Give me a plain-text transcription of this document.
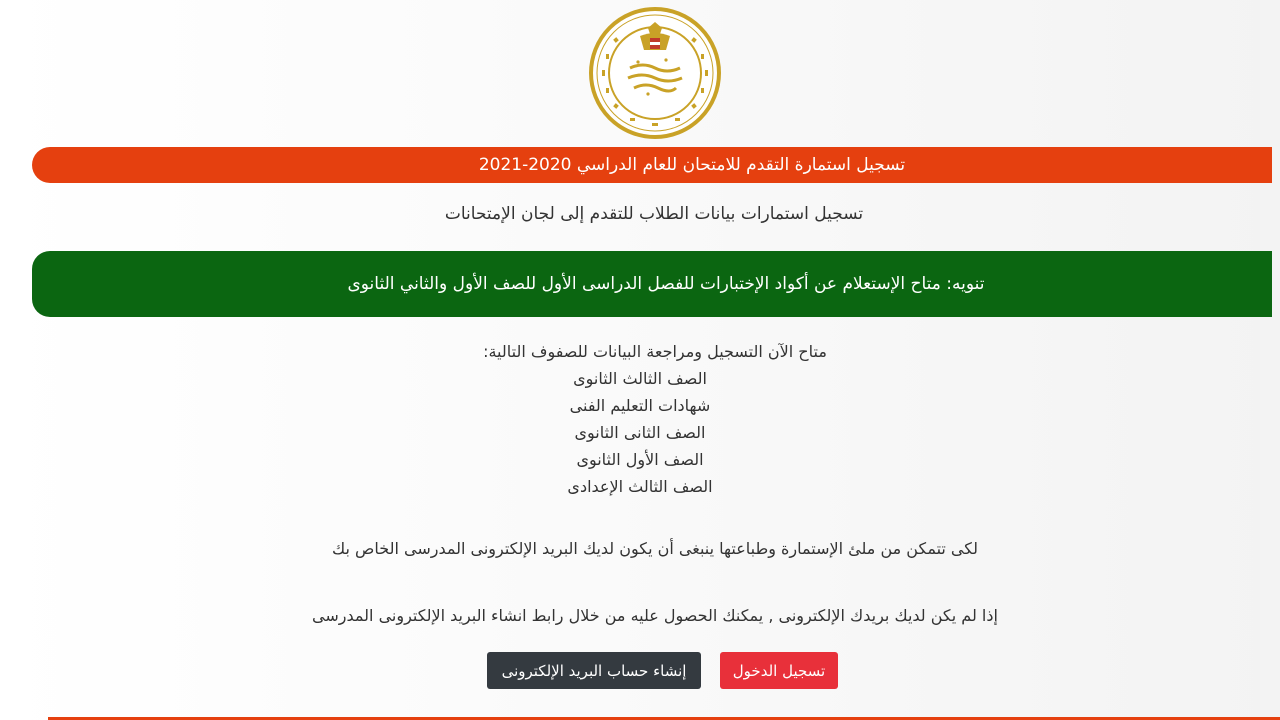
تسجيل استمارة التقدم للامتحان للعام الدراسي 2020-2021
تسجيل استمارات بيانات الطلاب للتقدم إلى لجان الإمتحانات
تنويه: متاح الإستعلام عن أكواد الإختبارات للفصل الدراسى الأول للصف الأول والثاني الثانوى
متاح الآن التسجيل ومراجعة البيانات للصفوف التالية:
الصف الثالث الثانوى
شهادات التعليم الفنى
الصف الثانى الثانوى
الصف الأول الثانوى
الصف الثالث الإعدادى
لكى تتمكن من ملئ الإستمارة وطباعتها ينبغى أن يكون لديك البريد الإلكترونى المدرسى الخاص بك
إذا لم يكن لديك بريدك الإلكترونى , يمكنك الحصول عليه من خلال رابط انشاء البريد الإلكترونى المدرسى
تسجيل الدخول
إنشاء حساب البريد الإلكترونى
